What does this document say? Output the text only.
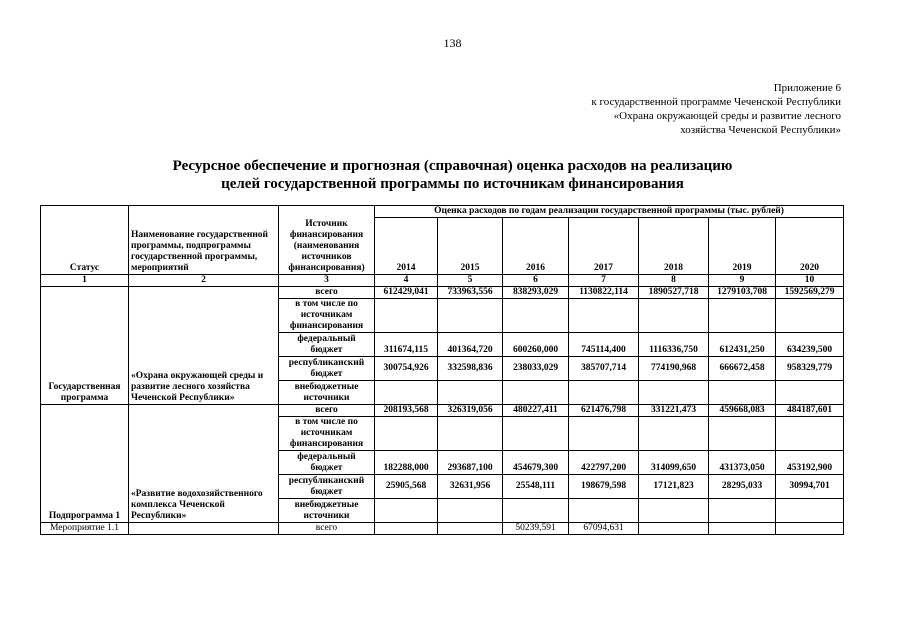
138
Приложение 6
к государственной программе Чеченской Республики
«Охрана окружающей среды и развитие лесного
хозяйства Чеченской Республики»
Ресурсное обеспечение и прогнозная (справочная) оценка расходов на реализацию
целей государственной программы по источникам финансирования
Статус	Наименование государственной программы, подпрограммы государственной программы, мероприятий	Источник финансирования (наименования источников финансирования)	Оценка расходов по годам реализации государственной программы (тыс. рублей)						
			2014	2015	2016	2017	2018	2019	2020
1	2	3	4	5	6	7	8	9	10
Государственная программа	«Охрана окружающей среды и развитие лесного хозяйства Чеченской Республики»	всего	612429,041	733963,556	838293,029	1130822,114	1890527,718	1279103,708	1592569,279
		в том числе по источникам финансирования							
		федеральный бюджет	311674,115	401364,720	600260,000	745114,400	1116336,750	612431,250	634239,500
		республиканский бюджет	300754,926	332598,836	238033,029	385707,714	774190,968	666672,458	958329,779
		внебюджетные источники							
Подпрограмма 1	«Развитие водохозяйственного комплекса Чеченской Республики»	всего	208193,568	326319,056	480227,411	621476,798	331221,473	459668,083	484187,601
		в том числе по источникам финансирования							
		федеральный бюджет	182288,000	293687,100	454679,300	422797,200	314099,650	431373,050	453192,900
		республиканский бюджет	25905,568	32631,956	25548,111	198679,598	17121,823	28295,033	30994,701
		внебюджетные источники							
Мероприятие 1.1		всего			50239,591	67094,631			
